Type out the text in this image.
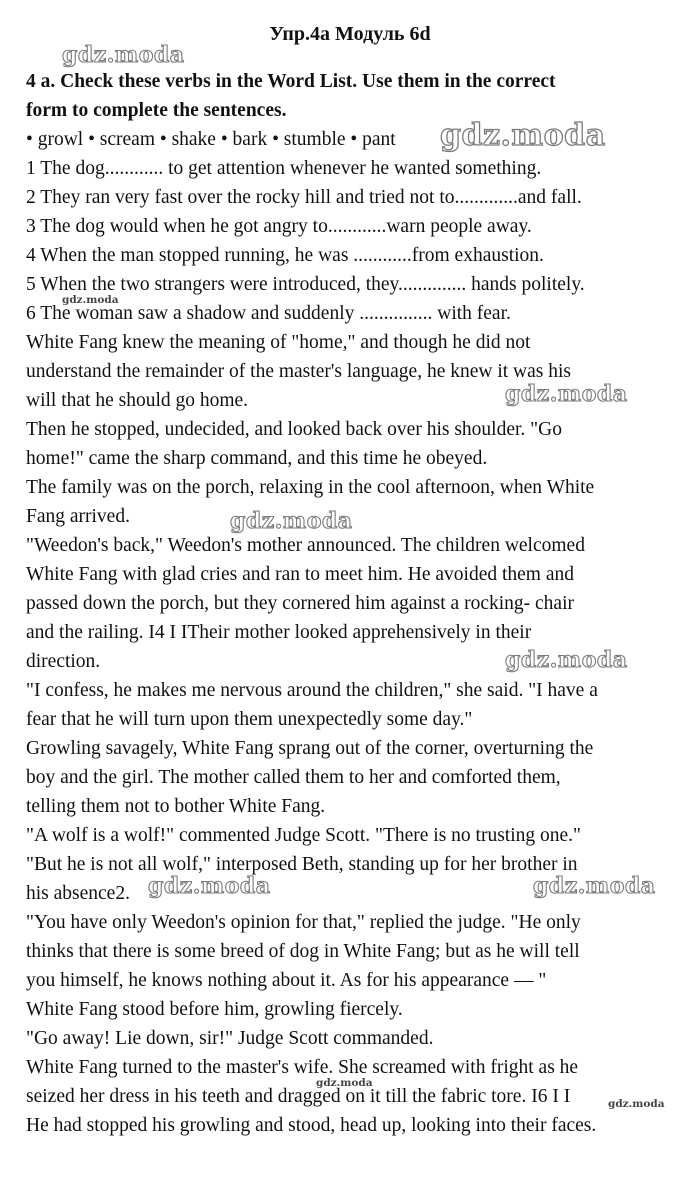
Упр.4а Модуль 6d
4 a. Check these verbs in the Word List. Use them in the correct
form to complete the sentences.
• growl • scream • shake • bark • stumble • pant
1 The dog............ to get attention whenever he wanted something.
2 They ran very fast over the rocky hill and tried not to.............and fall.
3 The dog would when he got angry to............warn people away.
4 When the man stopped running, he was ............from exhaustion.
5 When the two strangers were introduced, they.............. hands politely.
6 The woman saw a shadow and suddenly ............... with fear.
White Fang knew the meaning of "home," and though he did not
understand the remainder of the master's language, he knew it was his
will that he should go home.
Then he stopped, undecided, and looked back over his shoulder. "Go
home!" came the sharp command, and this time he obeyed.
The family was on the porch, relaxing in the cool afternoon, when White
Fang arrived.
"Weedon's back," Weedon's mother announced. The children welcomed
White Fang with glad cries and ran to meet him. He avoided them and
passed down the porch, but they cornered him against a rocking- chair
and the railing. I4 I ITheir mother looked apprehensively in their
direction.
"I confess, he makes me nervous around the children," she said. "I have a
fear that he will turn upon them unexpectedly some day."
Growling savagely, White Fang sprang out of the corner, overturning the
boy and the girl. The mother called them to her and comforted them,
telling them not to bother White Fang.
"A wolf is a wolf!" commented Judge Scott. "There is no trusting one."
"But he is not all wolf," interposed Beth, standing up for her brother in
his absence2.
"You have only Weedon's opinion for that," replied the judge. "He only
thinks that there is some breed of dog in White Fang; but as he will tell
you himself, he knows nothing about it. As for his appearance — "
White Fang stood before him, growling fiercely.
"Go away! Lie down, sir!" Judge Scott commanded.
White Fang turned to the master's wife. She screamed with fright as he
seized her dress in his teeth and dragged on it till the fabric tore. I6 I I
He had stopped his growling and stood, head up, looking into their faces.
gdz.moda
gdz.moda
gdz.moda
gdz.moda
gdz.moda
gdz.moda
gdz.moda	gdz.moda
gdz.moda
gdz.moda
